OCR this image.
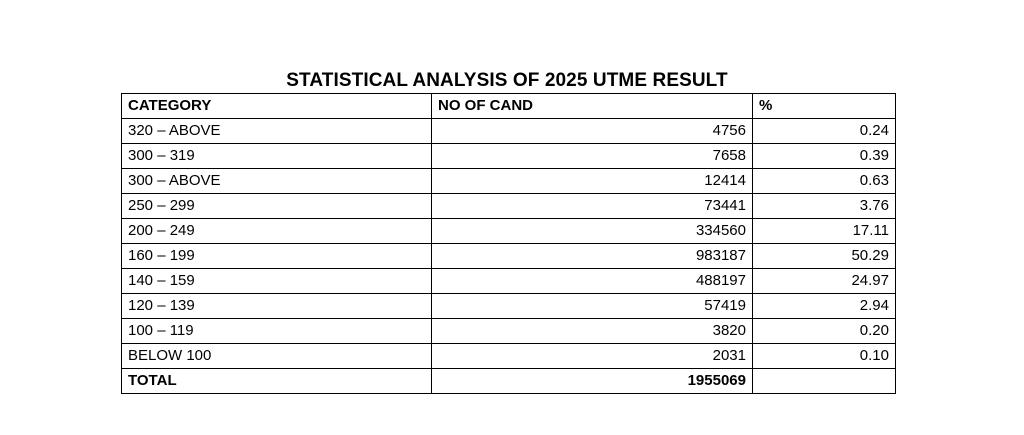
STATISTICAL ANALYSIS OF 2025 UTME RESULT
CATEGORY	NO OF CAND	%
320 – ABOVE	4756	0.24
300 – 319	7658	0.39
300 – ABOVE	12414	0.63
250 – 299	73441	3.76
200 – 249	334560	17.11
160 – 199	983187	50.29
140 – 159	488197	24.97
120 – 139	57419	2.94
100 – 119	3820	0.20
BELOW 100	2031	0.10
TOTAL	1955069	
